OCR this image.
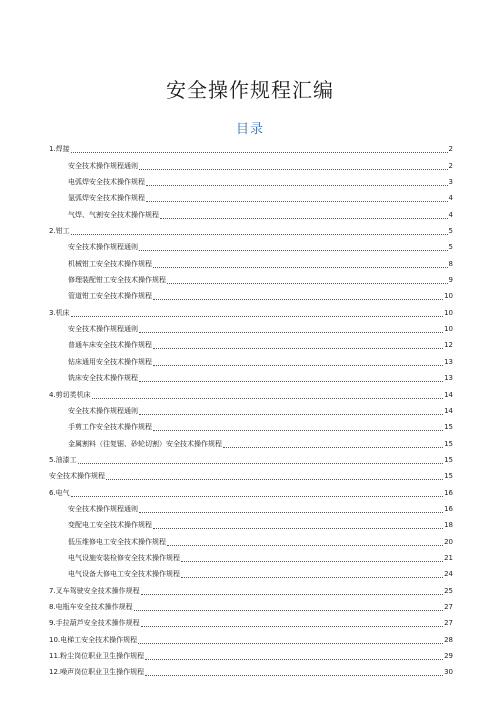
安全操作规程汇编
目录
1.焊接	2
安全技术操作规程通则	2
电弧焊安全技术操作规程	3
氩弧焊安全技术操作规程	4
气焊、气割安全技术操作规程	4
2.钳工	5
安全技术操作规程通则	5
机械钳工安全技术操作规程	8
修理装配钳工安全技术操作规程	9
管道钳工安全技术操作规程	10
3.机床	10
安全技术操作规程通则	10
普通车床安全技术操作规程	12
钻床通用安全技术操作规程	13
铣床安全技术操作规程	13
4.剪切类机床	14
安全技术操作规程通则	14
手剪工作安全技术操作规程	15
金属割料（往复锯、砂轮切割）安全技术操作规程	15
5.油漆工	15
安全技术操作规程	15
6.电气	16
安全技术操作规程通则	16
变配电工安全技术操作规程	18
低压维修电工安全技术操作规程	20
电气设施安装检修安全技术操作规程	21
电气设备大修电工安全技术操作规程	24
7.叉车驾驶安全技术操作规程	25
8.电瓶车安全技术操作规程	27
9.手拉葫芦安全技术操作规程	27
10.电梯工安全技术操作规程	28
11.粉尘岗位职业卫生操作规程	29
12.噪声岗位职业卫生操作规程	30
